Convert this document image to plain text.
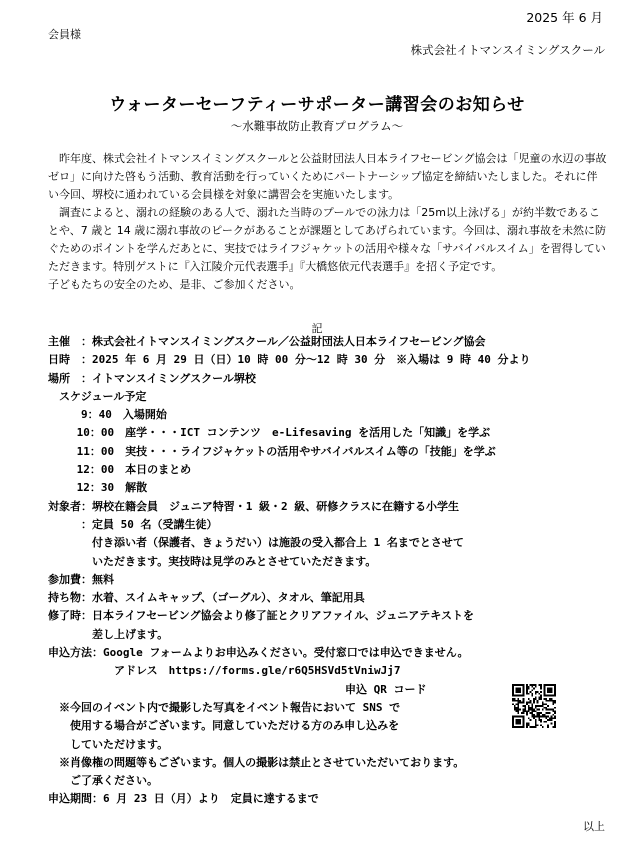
2025 年 6 月
会員様
株式会社イトマンスイミングスクール
ウォーターセーフティーサポーター講習会のお知らせ
～水難事故防止教育プログラム～

　昨年度、株式会社イトマンスイミングスクールと公益財団法人日本ライフセービング協会は「児童の水辺の事故ゼロ」に向けた啓もう活動、教育活動を行っていくためにパートナーシップ協定を締結いたしました。それに伴い今回、堺校に通われている会員様を対象に講習会を実施いたします。

　調査によると、溺れの経験のある人で、溺れた当時のプールでの泳力は「25m以上泳げる」が約半数であることや、7 歳と 14 歳に溺れ事故のピークがあることが課題としてあげられています。今回は、溺れ事故を未然に防ぐためのポイントを学んだあとに、実技ではライフジャケットの活用や様々な「サバイバルスイム」を習得していただきます。特別ゲストに『入江陵介元代表選手』『大橋悠依元代表選手』を招く予定です。

子どもたちの安全のため、是非、ご参加ください。

記
主催　：株式会社イトマンスイミングスクール／公益財団法人日本ライフセービング協会
日時　：2025 年 6 月 29 日（日）10 時 00 分～12 時 30 分　※入場は 9 時 40 分より
場所　：イトマンスイミングスクール堺校
　スケジュール予定
　　　9：40　入場開始
　　 10：00　座学・・・ICT コンテンツ　e-Lifesaving を活用した「知識」を学ぶ
　　 11：00　実技・・・ライフジャケットの活用やサバイバルスイム等の「技能」を学ぶ
　　 12：00　本日のまとめ
　　 12：30　解散
対象者：堺校在籍会員　ジュニア特習・1 級・2 級、研修クラスに在籍する小学生
　　　：定員 50 名（受講生徒）
　　　　付き添い者（保護者、きょうだい）は施設の受入都合上 1 名までとさせて
　　　　いただきます。実技時は見学のみとさせていただきます。
参加費：無料
持ち物：水着、スイムキャップ、（ゴーグル）、タオル、筆記用具
修了時：日本ライフセービング協会より修了証とクリアファイル、ジュニアテキストを
　　　　差し上げます。
申込方法：Google フォームよりお申込みください。受付窓口では申込できません。
　　　　　　アドレス　https://forms.gle/r6Q5HSVd5tVniwJj7
　　　　　　　　　　　　　　　　　　　　　　　　　　　申込 QR コード
　※今回のイベント内で撮影した写真をイベント報告において SNS で
　　使用する場合がございます。同意していただける方のみ申し込みを
　　していただけます。
　※肖像権の問題等もございます。個人の撮影は禁止とさせていただいております。
　　ご了承ください。
申込期間：6 月 23 日（月）より　定員に達するまで
以上
